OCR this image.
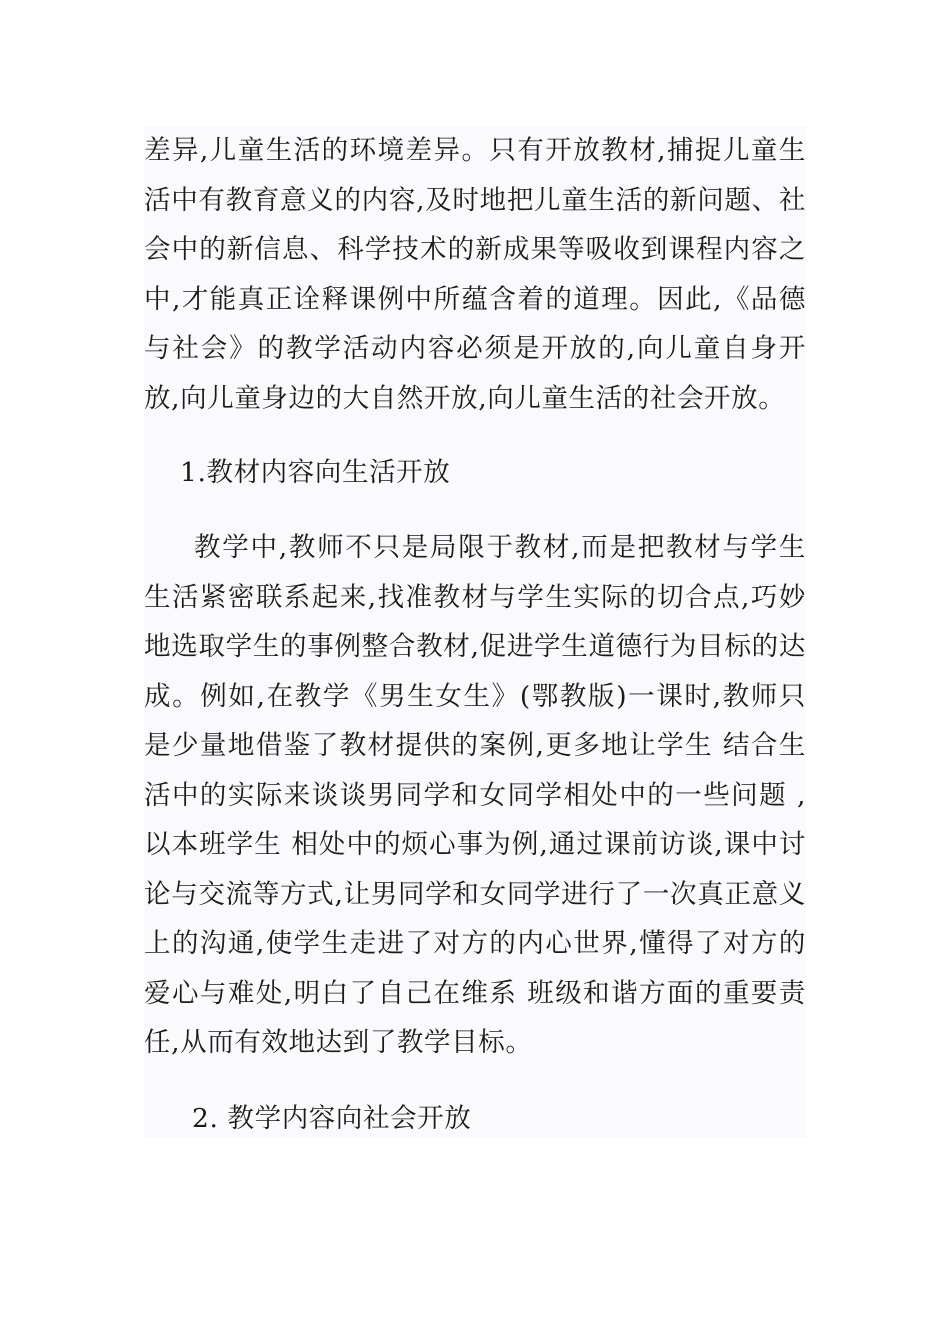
差异,儿童生活的环境差异。只有开放教材,捕捉儿童生活中有教育意义的内容,及时地把儿童生活的新问题、社会中的新信息、科学技术的新成果等吸收到课程内容之中,才能真正诠释课例中所蕴含着的道理。因此,《品德与社会》的教学活动内容必须是开放的,向儿童自身开放,向儿童身边的大自然开放,向儿童生活的社会开放。

1.教材内容向生活开放

教学中,教师不只是局限于教材,而是把教材与学生生活紧密联系起来,找准教材与学生实际的切合点,巧妙地选取学生的事例整合教材,促进学生道德行为目标的达成。例如,在教学《男生女生》(鄂教版)一课时,教师只是少量地借鉴了教材提供的案例,更多地让学生 结合生活中的实际来谈谈男同学和女同学相处中的一些问题 ,以本班学生 相处中的烦心事为例,通过课前访谈,课中讨论与交流等方式,让男同学和女同学进行了一次真正意义上的沟通,使学生走进了对方的内心世界,懂得了对方的爱心与难处,明白了自己在维系 班级和谐方面的重要责任,从而有效地达到了教学目标。

2. 教学内容向社会开放
